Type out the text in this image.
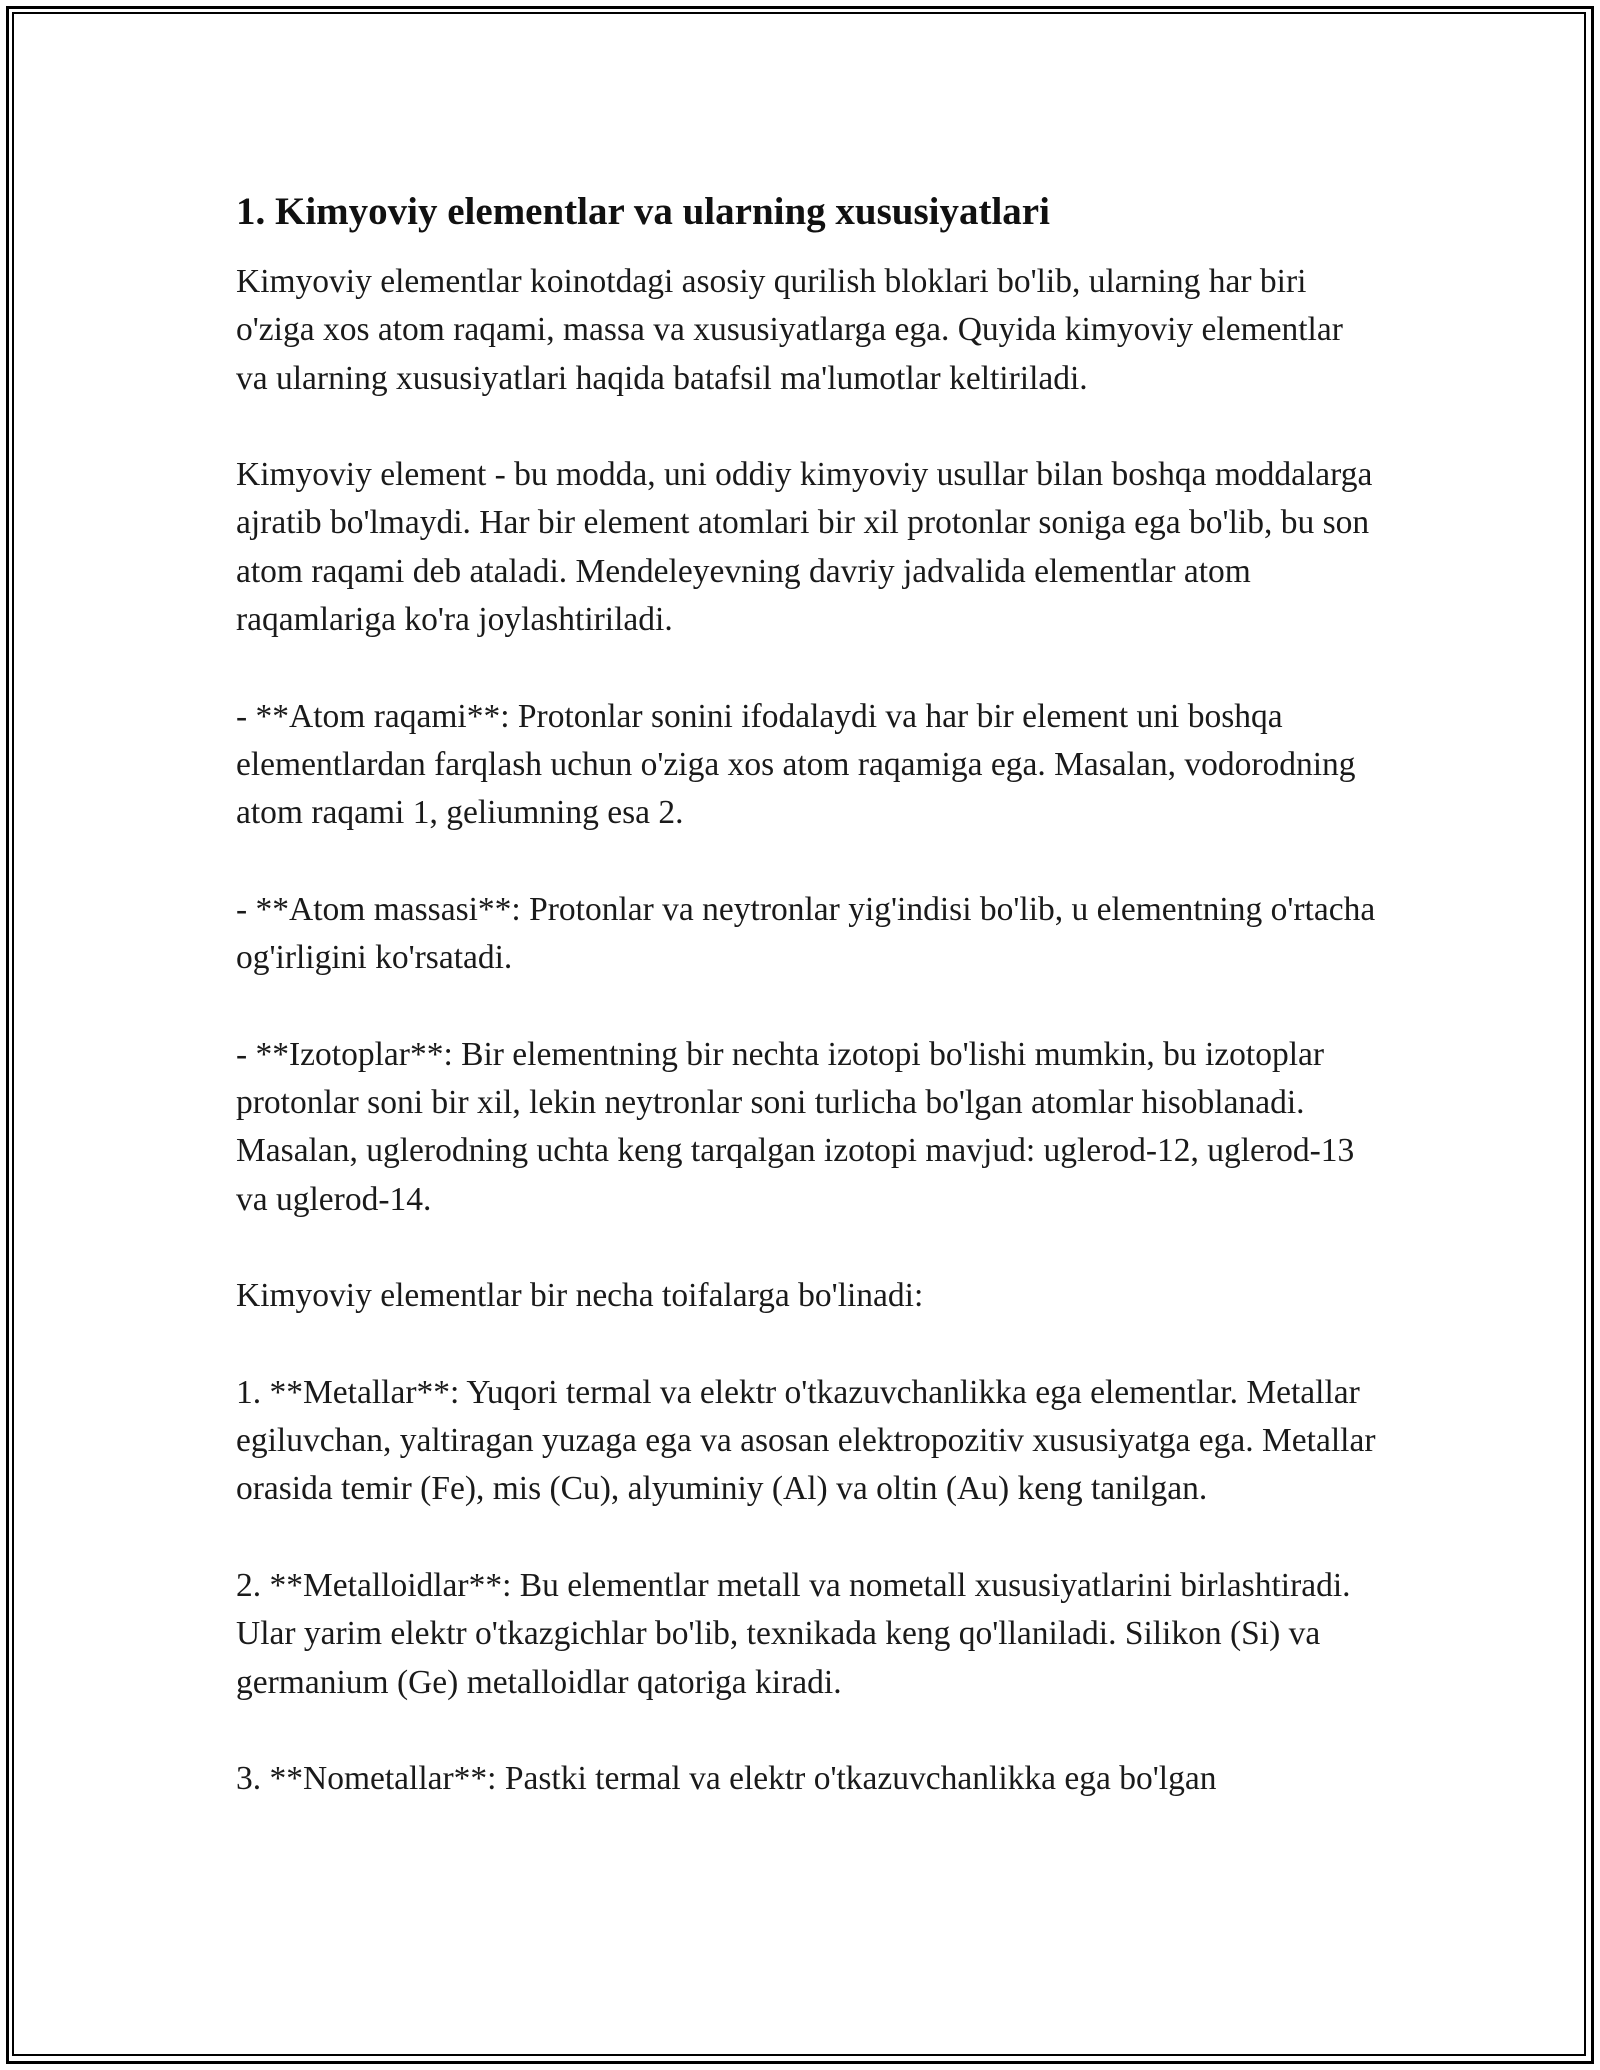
1. Kimyoviy elementlar va ularning xususiyatlari

Kimyoviy elementlar koinotdagi asosiy qurilish bloklari bo'lib, ularning har biri o'ziga xos atom raqami, massa va xususiyatlarga ega. Quyida kimyoviy elementlar va ularning xususiyatlari haqida batafsil ma'lumotlar keltiriladi.

Kimyoviy element - bu modda, uni oddiy kimyoviy usullar bilan boshqa moddalarga ajratib bo'lmaydi. Har bir element atomlari bir xil protonlar soniga ega bo'lib, bu son atom raqami deb ataladi. Mendeleyevning davriy jadvalida elementlar atom raqamlariga ko'ra joylashtiriladi.

- **Atom raqami**: Protonlar sonini ifodalaydi va har bir element uni boshqa elementlardan farqlash uchun o'ziga xos atom raqamiga ega. Masalan, vodorodning atom raqami 1, geliumning esa 2.

- **Atom massasi**: Protonlar va neytronlar yig'indisi bo'lib, u elementning o'rtacha og'irligini ko'rsatadi.

- **Izotoplar**: Bir elementning bir nechta izotopi bo'lishi mumkin, bu izotoplar protonlar soni bir xil, lekin neytronlar soni turlicha bo'lgan atomlar hisoblanadi. Masalan, uglerodning uchta keng tarqalgan izotopi mavjud: uglerod-12, uglerod-13 va uglerod-14.

Kimyoviy elementlar bir necha toifalarga bo'linadi:

1. **Metallar**: Yuqori termal va elektr o'tkazuvchanlikka ega elementlar. Metallar egiluvchan, yaltiragan yuzaga ega va asosan elektropozitiv xususiyatga ega. Metallar orasida temir (Fe), mis (Cu), alyuminiy (Al) va oltin (Au) keng tanilgan.

2. **Metalloidlar**: Bu elementlar metall va nometall xususiyatlarini birlashtiradi. Ular yarim elektr o'tkazgichlar bo'lib, texnikada keng qo'llaniladi. Silikon (Si) va germanium (Ge) metalloidlar qatoriga kiradi.

3. **Nometallar**: Pastki termal va elektr o'tkazuvchanlikka ega bo'lgan
